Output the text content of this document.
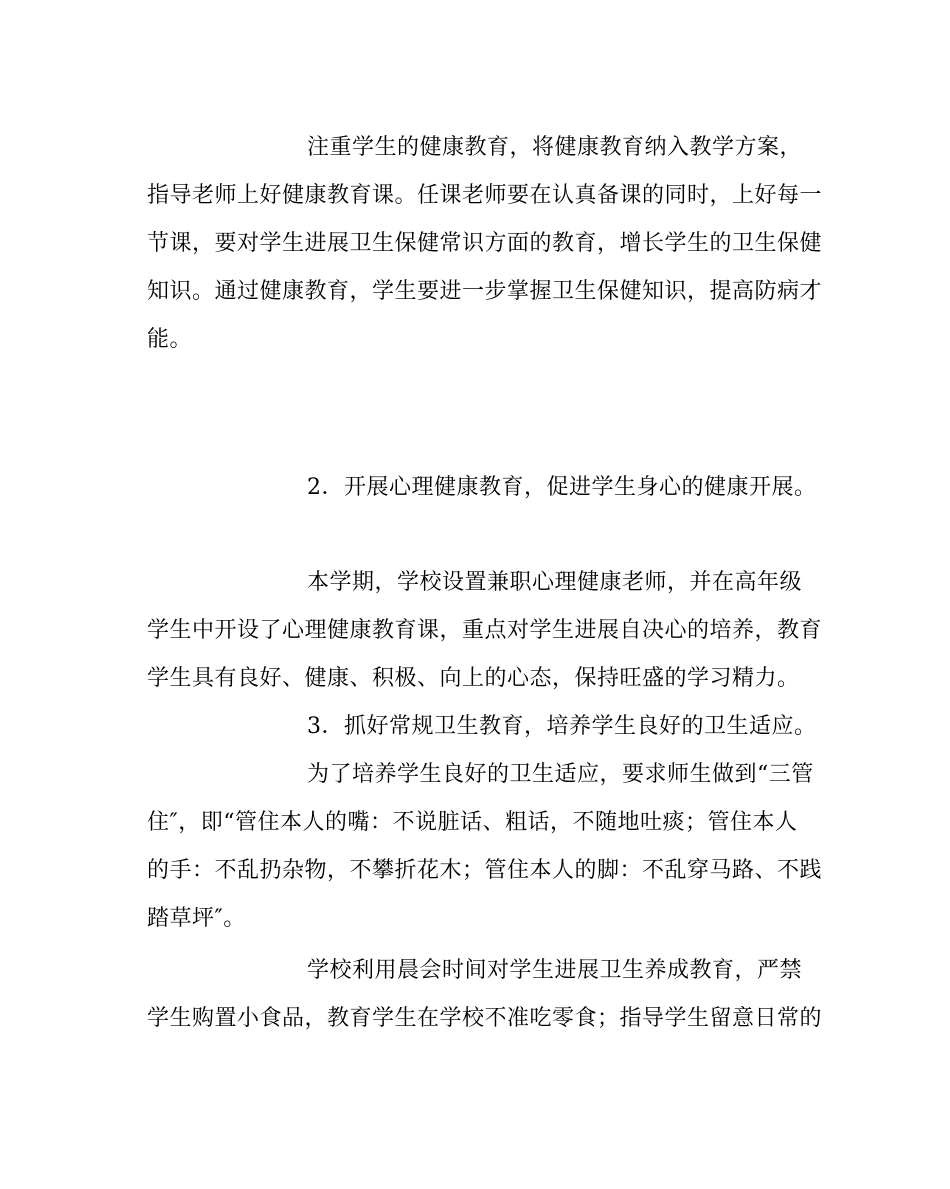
注重学生的健康教育，将健康教育纳入教学方案，

指导老师上好健康教育课。任课老师要在认真备课的同时，上好每一

节课，要对学生进展卫生保健常识方面的教育，增长学生的卫生保健

知识。通过健康教育，学生要进一步掌握卫生保健知识，提高防病才

能。

2．开展心理健康教育，促进学生身心的健康开展。

本学期，学校设置兼职心理健康老师，并在高年级

学生中开设了心理健康教育课，重点对学生进展自决心的培养，教育

学生具有良好、健康、积极、向上的心态，保持旺盛的学习精力。

3．抓好常规卫生教育，培养学生良好的卫生适应。

为了培养学生良好的卫生适应，要求师生做到“三管

住″，即“管住本人的嘴：不说脏话、粗话，不随地吐痰；管住本人

的手：不乱扔杂物，不攀折花木；管住本人的脚：不乱穿马路、不践

踏草坪″。

学校利用晨会时间对学生进展卫生养成教育，严禁

学生购置小食品，教育学生在学校不准吃零食；指导学生留意日常的
